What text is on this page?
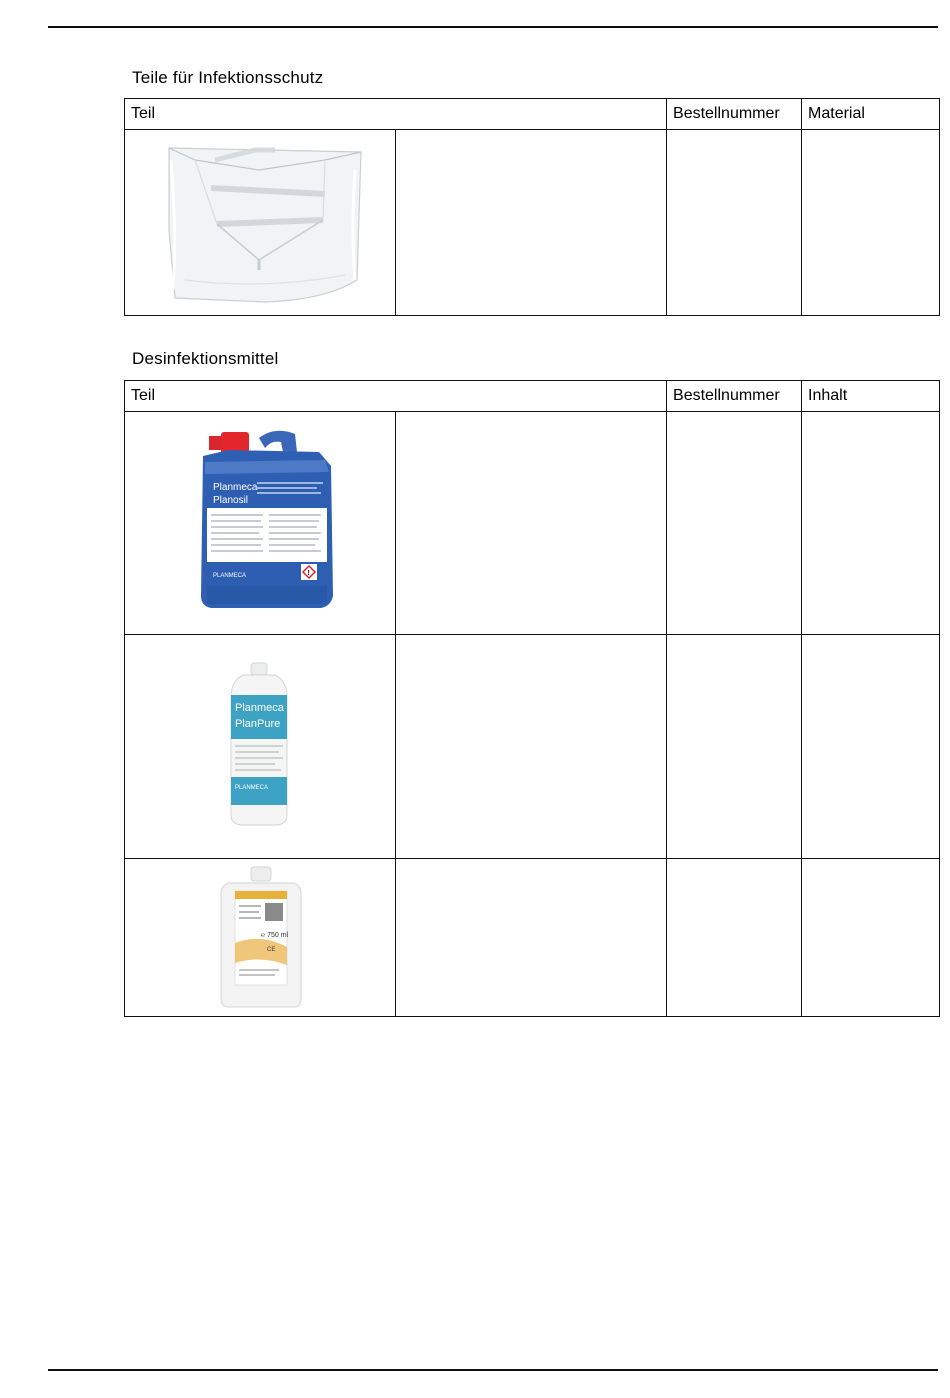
Teile für Infektionsschutz
Teil		Bestellnummer	Material

Desinfektionsmittel
Teil		Bestellnummer	Inhalt

Planmeca
Planosil
PLANMECA !			

Planmeca
PlanPure
PLANMECA			

℮ 750 ml
CE			
